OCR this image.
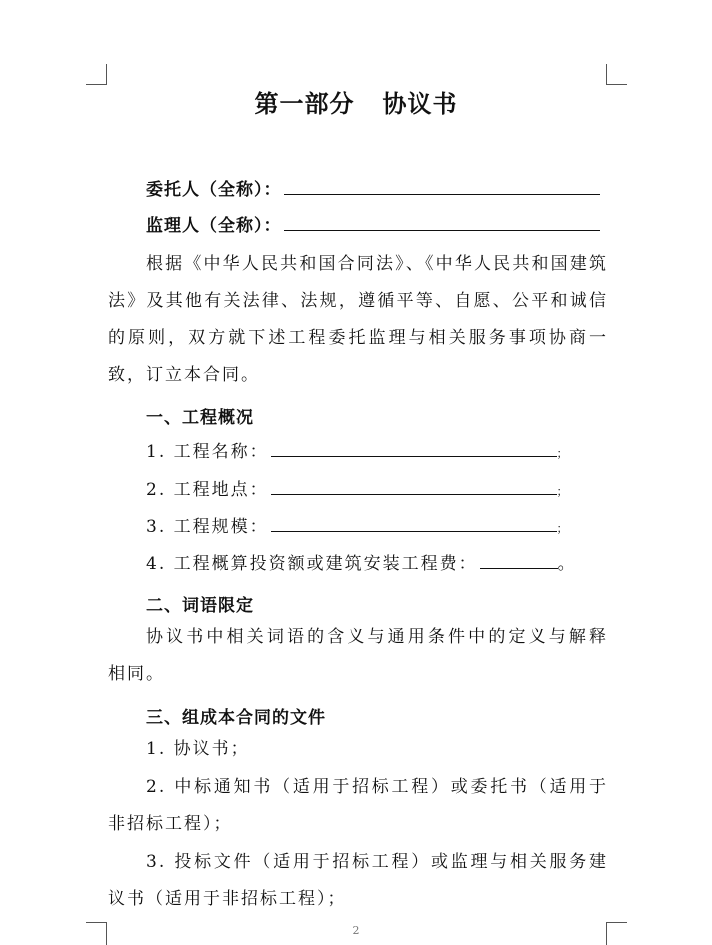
第一部分 协议书
委托人（全称）：
监理人（全称）：
根据《中华人民共和国合同法》、《中华人民共和国建筑
法》及其他有关法律、法规，遵循平等、自愿、公平和诚信
的原则，双方就下述工程委托监理与相关服务事项协商一
致，订立本合同。
一、工程概况
1. 工程名称：	；
2. 工程地点：	；
3. 工程规模：	；
4. 工程概算投资额或建筑安装工程费：	。
二、词语限定
协议书中相关词语的含义与通用条件中的定义与解释
相同。
三、组成本合同的文件
1. 协议书；
2. 中标通知书（适用于招标工程）或委托书（适用于
非招标工程）；
3. 投标文件（适用于招标工程）或监理与相关服务建
议书（适用于非招标工程）；
2
